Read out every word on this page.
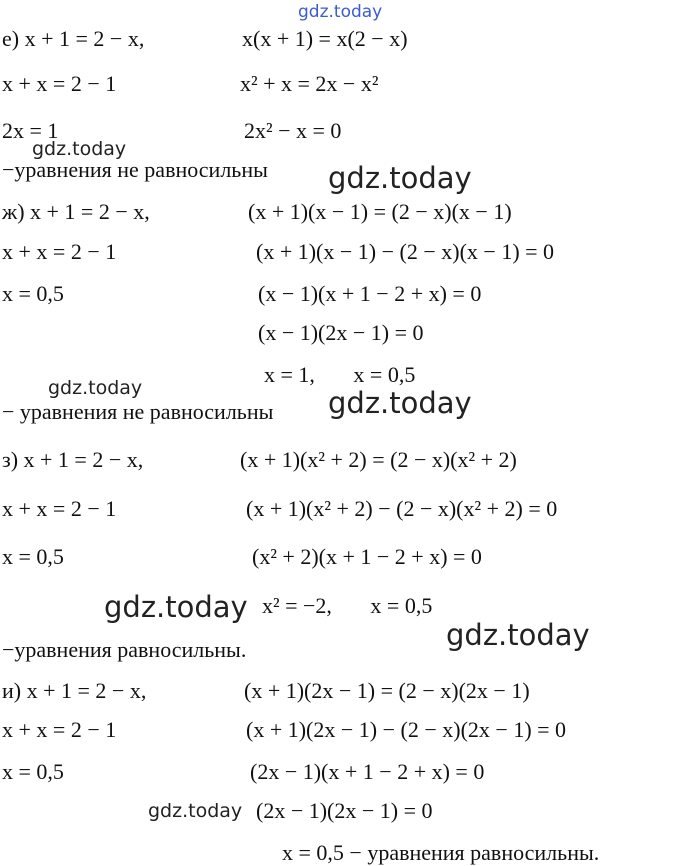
gdz.today
gdz.today
gdz.today
gdz.today	gdz.today
gdz.today
gdz.today
gdz.today
е) x + 1 = 2 − x,
x + x = 2 − 1
2x = 1
x(x + 1) = x(2 − x)
x² + x = 2x − x²
2x² − x = 0
−уравнения не равносильны
ж) x + 1 = 2 − x,
x + x = 2 − 1
x = 0,5
(x + 1)(x − 1) = (2 − x)(x − 1)
(x + 1)(x − 1) − (2 − x)(x − 1) = 0
(x − 1)(x + 1 − 2 + x) = 0
(x − 1)(2x − 1) = 0
x = 1,       x = 0,5
− уравнения не равносильны
з) x + 1 = 2 − x,
x + x = 2 − 1
x = 0,5
(x + 1)(x² + 2) = (2 − x)(x² + 2)
(x + 1)(x² + 2) − (2 − x)(x² + 2) = 0
(x² + 2)(x + 1 − 2 + x) = 0
x² = −2,       x = 0,5
−уравнения равносильны.
и) x + 1 = 2 − x,
x + x = 2 − 1
x = 0,5
(x + 1)(2x − 1) = (2 − x)(2x − 1)
(x + 1)(2x − 1) − (2 − x)(2x − 1) = 0
(2x − 1)(x + 1 − 2 + x) = 0
(2x − 1)(2x − 1) = 0
x = 0,5 − уравнения равносильны.
